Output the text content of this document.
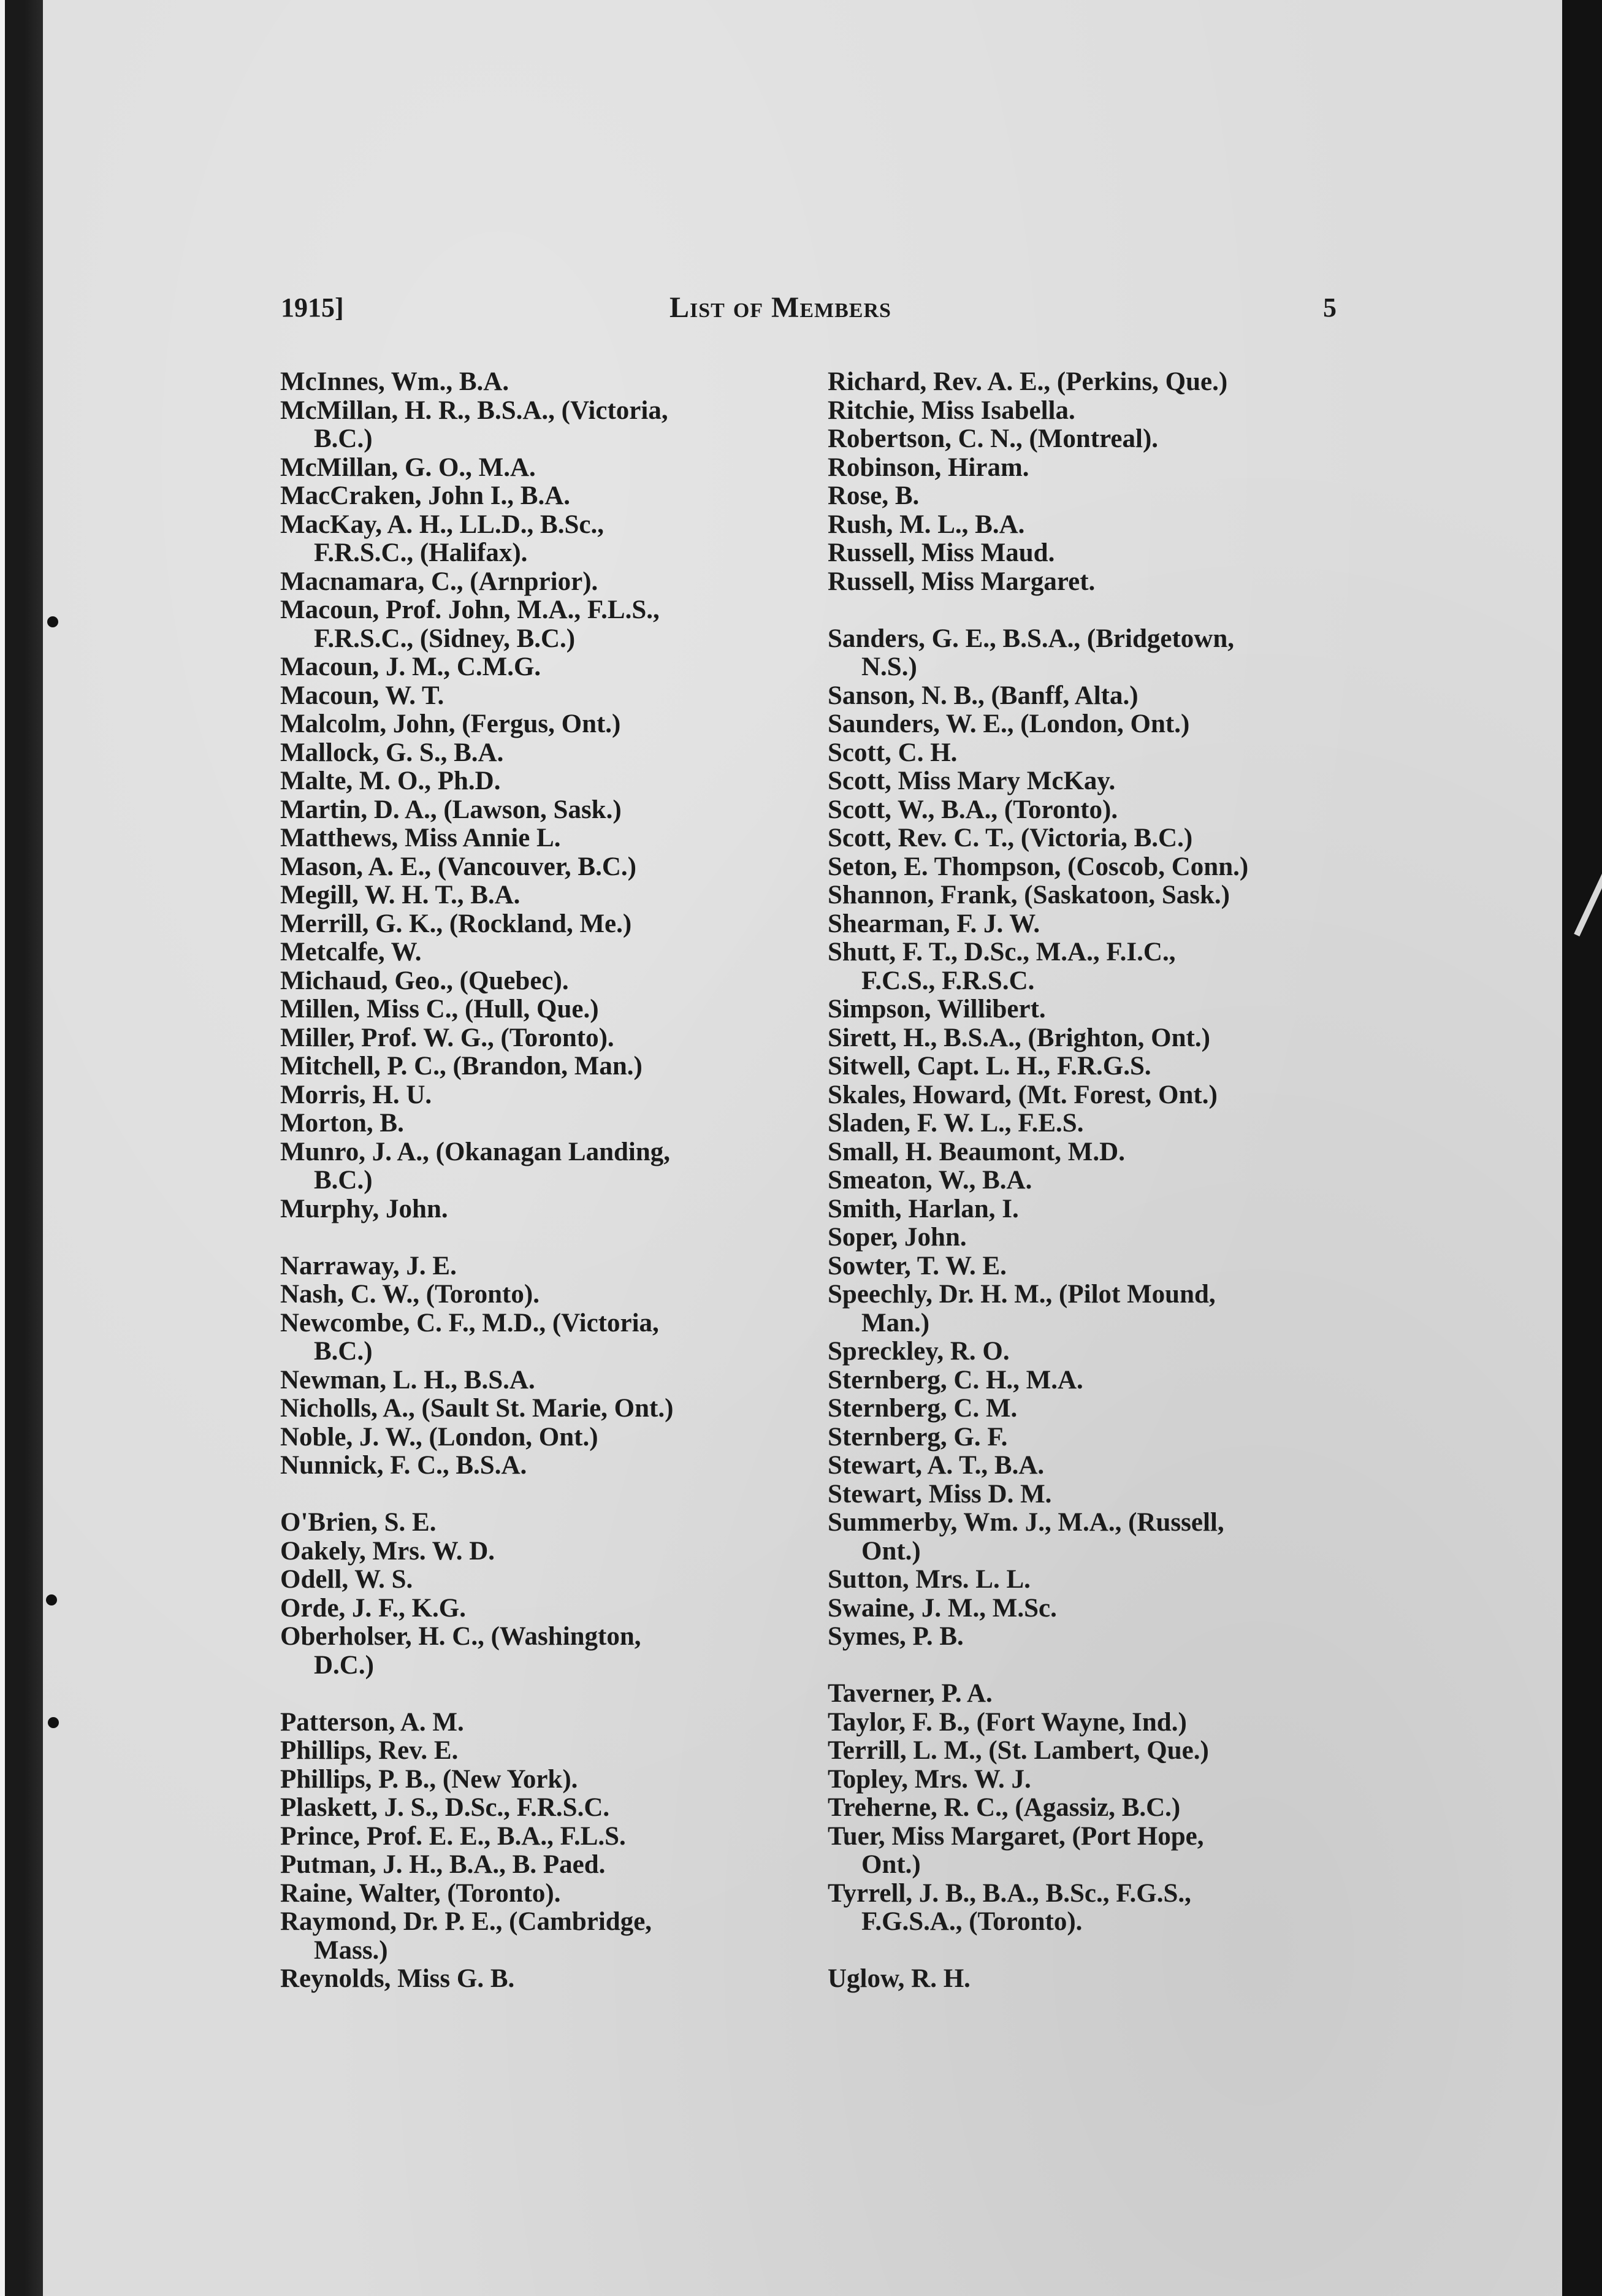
1915]	List of Members	5
McInnes, Wm., B.A.
McMillan, H. R., B.S.A., (Victoria,
B.C.)
McMillan, G. O., M.A.
MacCraken, John I., B.A.
MacKay, A. H., LL.D., B.Sc.,
F.R.S.C., (Halifax).
Macnamara, C., (Arnprior).
Macoun, Prof. John, M.A., F.L.S.,
F.R.S.C., (Sidney, B.C.)
Macoun, J. M., C.M.G.
Macoun, W. T.
Malcolm, John, (Fergus, Ont.)
Mallock, G. S., B.A.
Malte, M. O., Ph.D.
Martin, D. A., (Lawson, Sask.)
Matthews, Miss Annie L.
Mason, A. E., (Vancouver, B.C.)
Megill, W. H. T., B.A.
Merrill, G. K., (Rockland, Me.)
Metcalfe, W.
Michaud, Geo., (Quebec).
Millen, Miss C., (Hull, Que.)
Miller, Prof. W. G., (Toronto).
Mitchell, P. C., (Brandon, Man.)
Morris, H. U.
Morton, B.
Munro, J. A., (Okanagan Landing,
B.C.)
Murphy, John.
Narraway, J. E.
Nash, C. W., (Toronto).
Newcombe, C. F., M.D., (Victoria,
B.C.)
Newman, L. H., B.S.A.
Nicholls, A., (Sault St. Marie, Ont.)
Noble, J. W., (London, Ont.)
Nunnick, F. C., B.S.A.
O'Brien, S. E.
Oakely, Mrs. W. D.
Odell, W. S.
Orde, J. F., K.G.
Oberholser, H. C., (Washington,
D.C.)
Patterson, A. M.
Phillips, Rev. E.
Phillips, P. B., (New York).
Plaskett, J. S., D.Sc., F.R.S.C.
Prince, Prof. E. E., B.A., F.L.S.
Putman, J. H., B.A., B. Paed.
Raine, Walter, (Toronto).
Raymond, Dr. P. E., (Cambridge,
Mass.)
Reynolds, Miss G. B.
Richard, Rev. A. E., (Perkins, Que.)
Ritchie, Miss Isabella.
Robertson, C. N., (Montreal).
Robinson, Hiram.
Rose, B.
Rush, M. L., B.A.
Russell, Miss Maud.
Russell, Miss Margaret.
Sanders, G. E., B.S.A., (Bridgetown,
N.S.)
Sanson, N. B., (Banff, Alta.)
Saunders, W. E., (London, Ont.)
Scott, C. H.
Scott, Miss Mary McKay.
Scott, W., B.A., (Toronto).
Scott, Rev. C. T., (Victoria, B.C.)
Seton, E. Thompson, (Coscob, Conn.)
Shannon, Frank, (Saskatoon, Sask.)
Shearman, F. J. W.
Shutt, F. T., D.Sc., M.A., F.I.C.,
F.C.S., F.R.S.C.
Simpson, Willibert.
Sirett, H., B.S.A., (Brighton, Ont.)
Sitwell, Capt. L. H., F.R.G.S.
Skales, Howard, (Mt. Forest, Ont.)
Sladen, F. W. L., F.E.S.
Small, H. Beaumont, M.D.
Smeaton, W., B.A.
Smith, Harlan, I.
Soper, John.
Sowter, T. W. E.
Speechly, Dr. H. M., (Pilot Mound,
Man.)
Spreckley, R. O.
Sternberg, C. H., M.A.
Sternberg, C. M.
Sternberg, G. F.
Stewart, A. T., B.A.
Stewart, Miss D. M.
Summerby, Wm. J., M.A., (Russell,
Ont.)
Sutton, Mrs. L. L.
Swaine, J. M., M.Sc.
Symes, P. B.
Taverner, P. A.
Taylor, F. B., (Fort Wayne, Ind.)
Terrill, L. M., (St. Lambert, Que.)
Topley, Mrs. W. J.
Treherne, R. C., (Agassiz, B.C.)
Tuer, Miss Margaret, (Port Hope,
Ont.)
Tyrrell, J. B., B.A., B.Sc., F.G.S.,
F.G.S.A., (Toronto).
Uglow, R. H.
